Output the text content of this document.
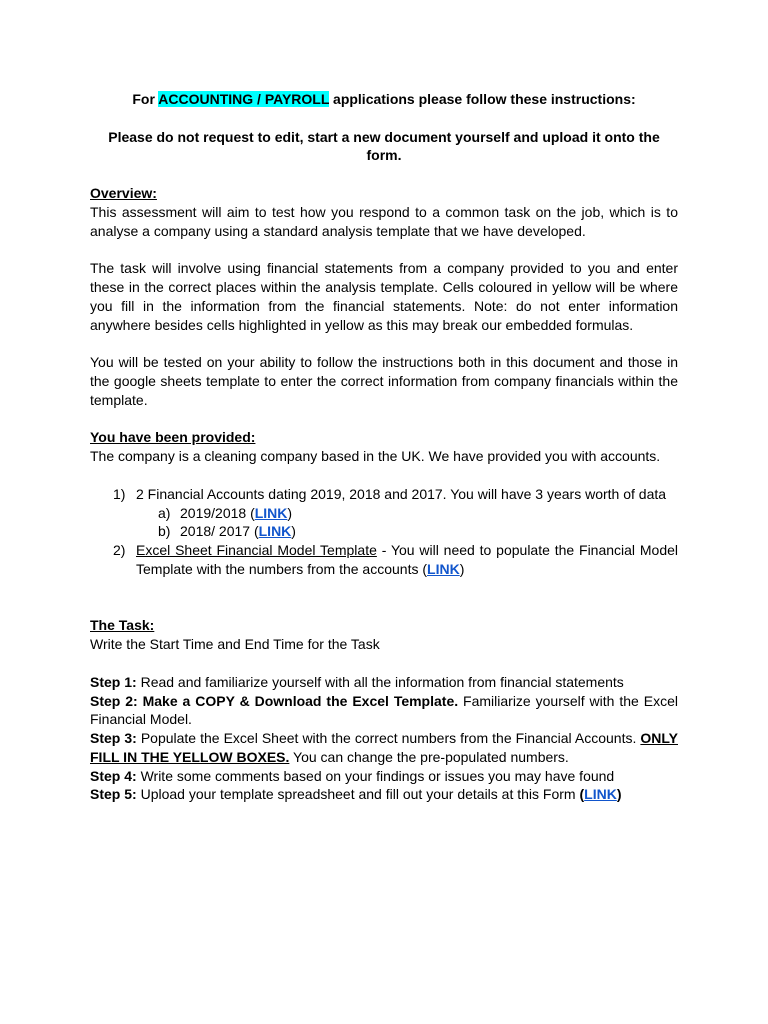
For ACCOUNTING / PAYROLL applications please follow these instructions:
Please do not request to edit, start a new document yourself and upload it onto the form.
Overview:
This assessment will aim to test how you respond to a common task on the job, which is to analyse a company using a standard analysis template that we have developed.
The task will involve using financial statements from a company provided to you and enter these in the correct places within the analysis template. Cells coloured in yellow will be where you fill in the information from the financial statements. Note: do not enter information anywhere besides cells highlighted in yellow as this may break our embedded formulas.
You will be tested on your ability to follow the instructions both in this document and those in the google sheets template to enter the correct information from company financials within the template.
You have been provided:
The company is a cleaning company based in the UK. We have provided you with accounts.
1) 2 Financial Accounts dating 2019, 2018 and 2017. You will have 3 years worth of data
a) 2019/2018 (LINK)
b) 2018/ 2017 (LINK)
2) Excel Sheet Financial Model Template - You will need to populate the Financial Model Template with the numbers from the accounts (LINK)
The Task:
Write the Start Time and End Time for the Task
Step 1: Read and familiarize yourself with all the information from financial statements
Step 2: Make a COPY & Download the Excel Template. Familiarize yourself with the Excel Financial Model.
Step 3: Populate the Excel Sheet with the correct numbers from the Financial Accounts. ONLY FILL IN THE YELLOW BOXES. You can change the pre-populated numbers.
Step 4: Write some comments based on your findings or issues you may have found
Step 5: Upload your template spreadsheet and fill out your details at this Form (LINK)
